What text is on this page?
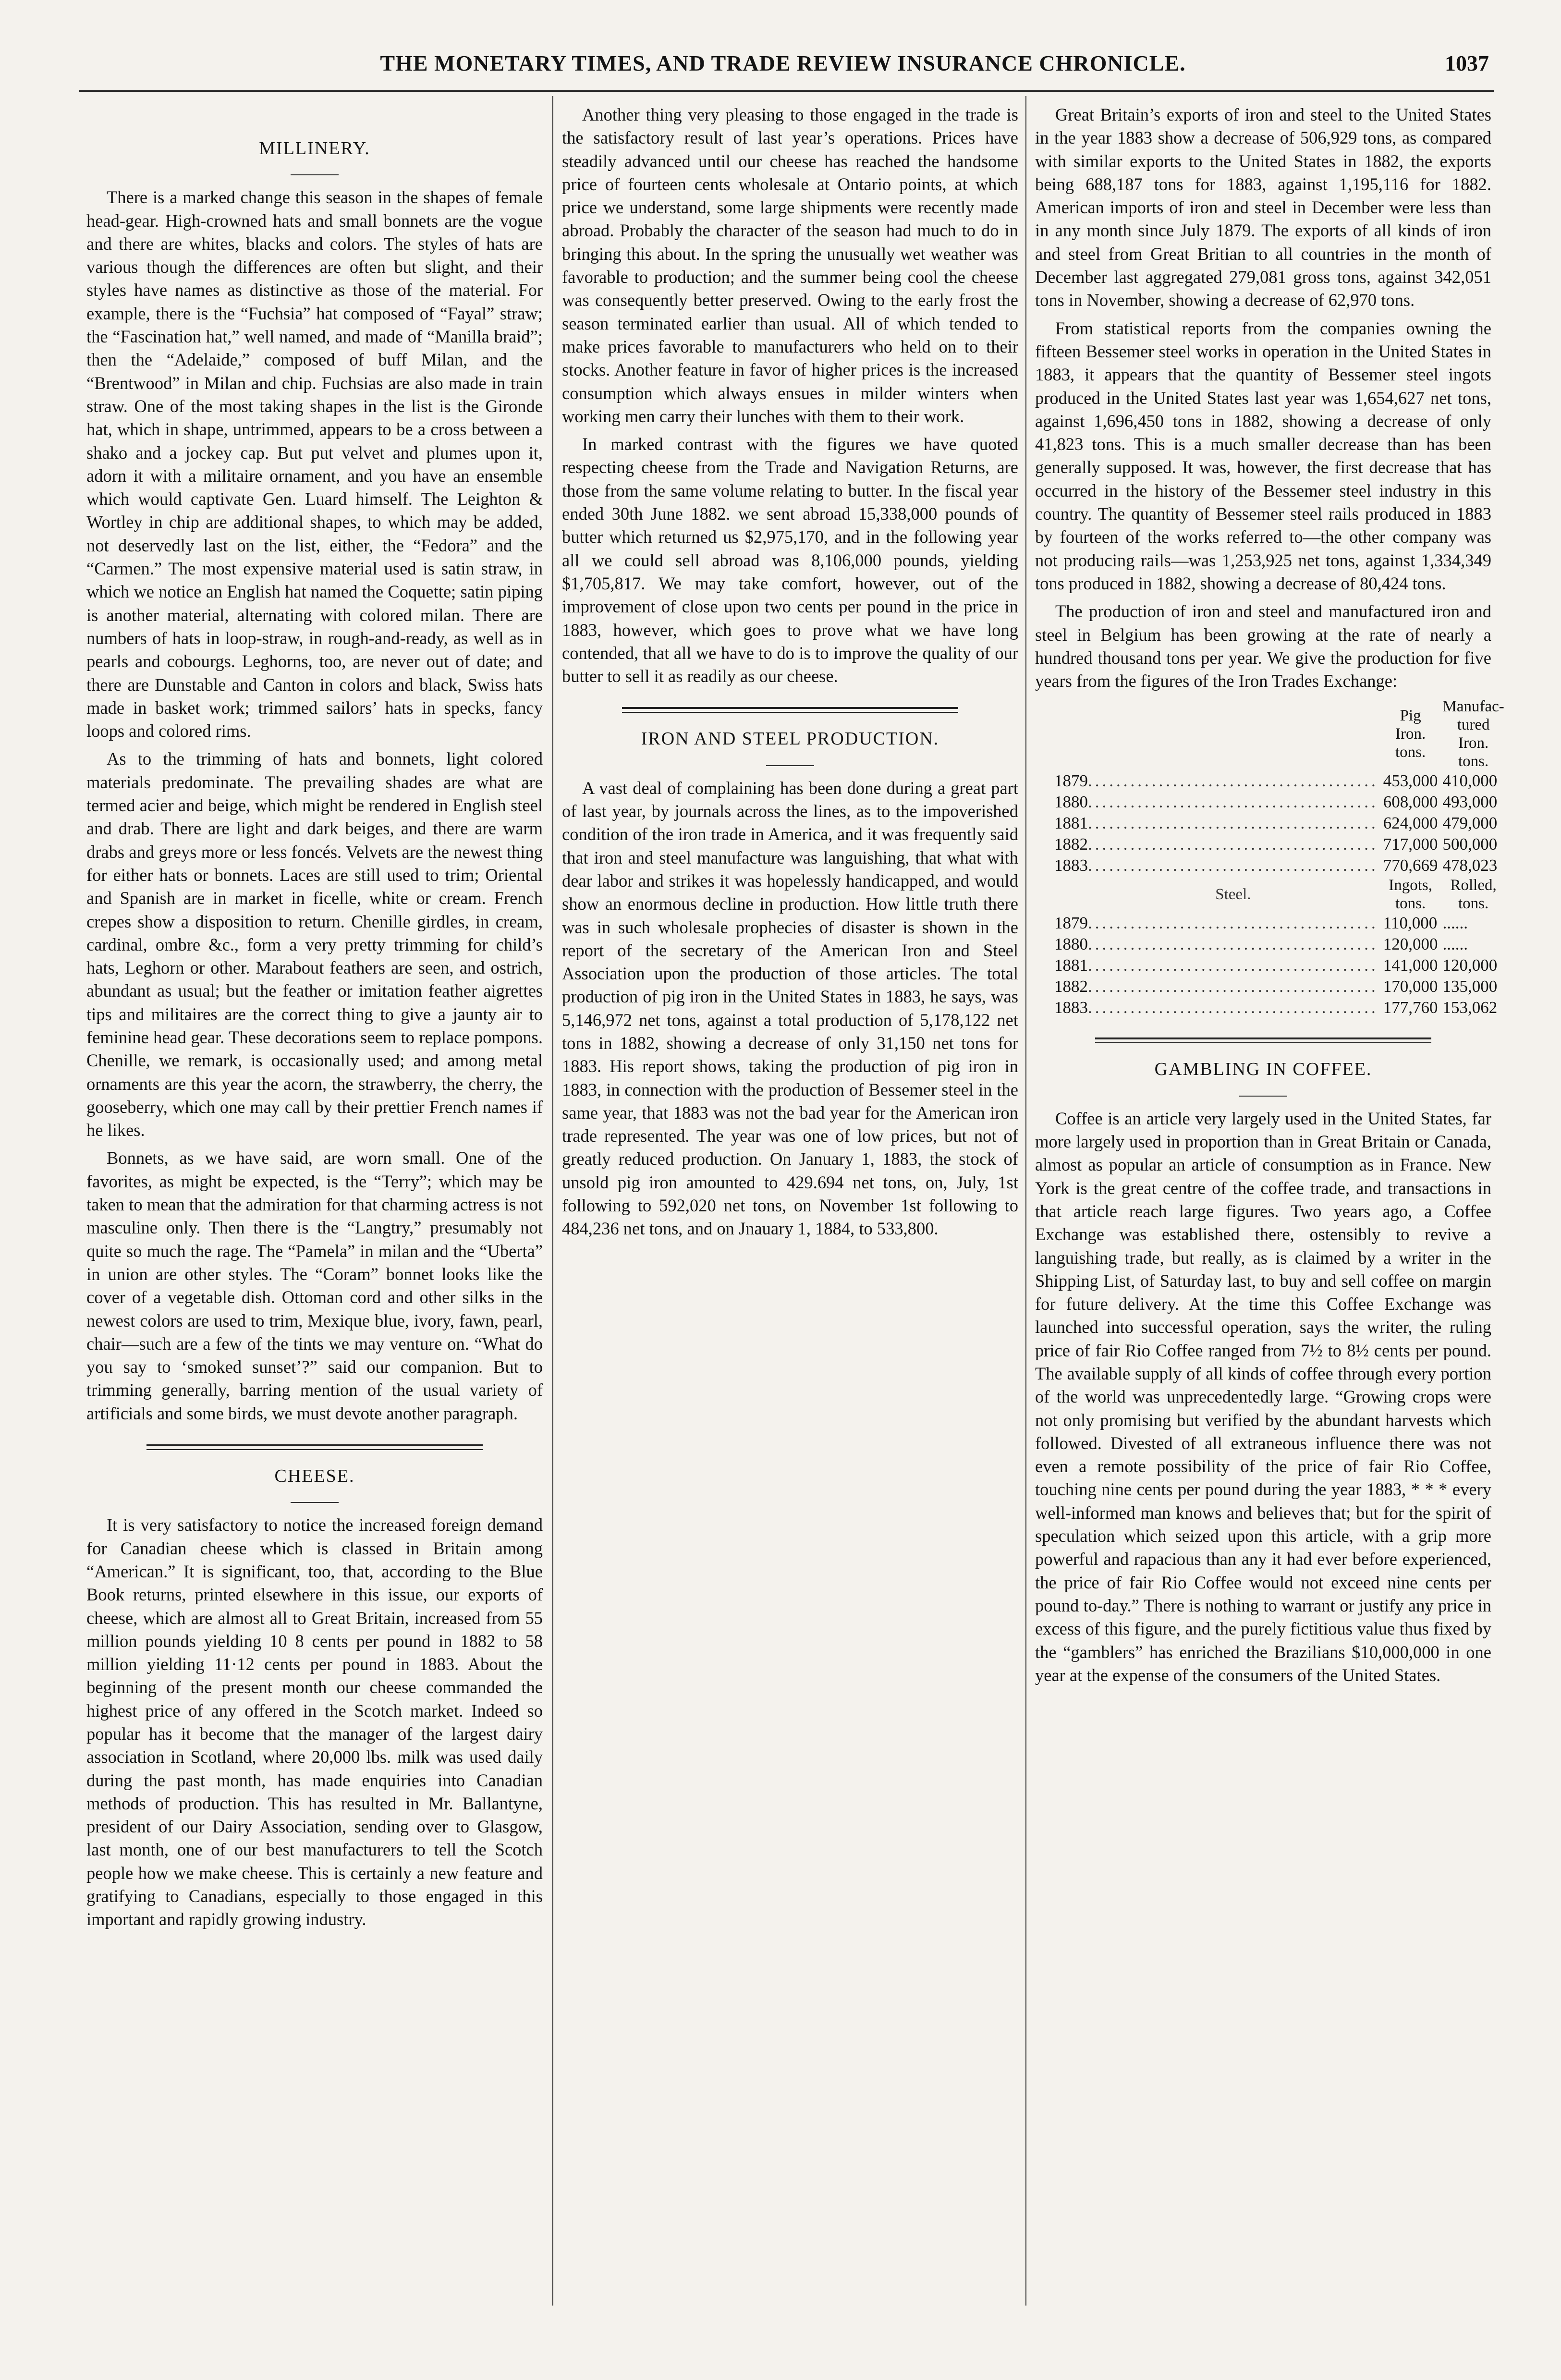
THE MONETARY TIMES, AND TRADE REVIEW INSURANCE CHRONICLE.	1037
MILLINERY.

There is a marked change this season in the shapes of female head-gear. High-crowned hats and small bonnets are the vogue and there are whites, blacks and colors. The styles of hats are various though the differences are often but slight, and their styles have names as distinctive as those of the material. For example, there is the “Fuchsia” hat composed of “Fayal” straw; the “Fascination hat,” well named, and made of “Manilla braid”; then the “Adelaide,” composed of buff Milan, and the “Brentwood” in Milan and chip. Fuchsias are also made in train straw. One of the most taking shapes in the list is the Gironde hat, which in shape, untrimmed, appears to be a cross between a shako and a jockey cap. But put velvet and plumes upon it, adorn it with a militaire ornament, and you have an ensemble which would captivate Gen. Luard himself. The Leighton & Wortley in chip are additional shapes, to which may be added, not deservedly last on the list, either, the “Fedora” and the “Carmen.” The most expensive material used is satin straw, in which we notice an English hat named the Coquette; satin piping is another material, alternating with colored milan. There are numbers of hats in loop-straw, in rough-and-ready, as well as in pearls and cobourgs. Leghorns, too, are never out of date; and there are Dunstable and Canton in colors and black, Swiss hats made in basket work; trimmed sailors’ hats in specks, fancy loops and colored rims.

As to the trimming of hats and bonnets, light colored materials predominate. The prevailing shades are what are termed acier and beige, which might be rendered in English steel and drab. There are light and dark beiges, and there are warm drabs and greys more or less foncés. Velvets are the newest thing for either hats or bonnets. Laces are still used to trim; Oriental and Spanish are in market in ficelle, white or cream. French crepes show a disposition to return. Chenille girdles, in cream, cardinal, ombre &c., form a very pretty trimming for child’s hats, Leghorn or other. Marabout feathers are seen, and ostrich, abundant as usual; but the feather or imitation feather aigrettes tips and militaires are the correct thing to give a jaunty air to feminine head gear. These decorations seem to replace pompons. Chenille, we remark, is occasionally used; and among metal ornaments are this year the acorn, the strawberry, the cherry, the gooseberry, which one may call by their prettier French names if he likes.

Bonnets, as we have said, are worn small. One of the favorites, as might be expected, is the “Terry”; which may be taken to mean that the admiration for that charming actress is not masculine only. Then there is the “Langtry,” presumably not quite so much the rage. The “Pamela” in milan and the “Uberta” in union are other styles. The “Coram” bonnet looks like the cover of a vegetable dish. Ottoman cord and other silks in the newest colors are used to trim, Mexique blue, ivory, fawn, pearl, chair—such are a few of the tints we may venture on. “What do you say to ‘smoked sunset’?” said our companion. But to trimming generally, barring mention of the usual variety of artificials and some birds, we must devote another paragraph.

CHEESE.

It is very satisfactory to notice the increased foreign demand for Canadian cheese which is classed in Britain among “American.” It is significant, too, that, according to the Blue Book returns, printed elsewhere in this issue, our exports of cheese, which are almost all to Great Britain, increased from 55 million pounds yielding 10 8 cents per pound in 1882 to 58 million yielding 11·12 cents per pound in 1883. About the beginning of the present month our cheese commanded the highest price of any offered in the Scotch market. Indeed so popular has it become that the manager of the largest dairy association in Scotland, where 20,000 lbs. milk was used daily during the past month, has made enquiries into Canadian methods of production. This has resulted in Mr. Ballantyne, president of our Dairy Association, sending over to Glasgow, last month, one of our best manufacturers to tell the Scotch people how we make cheese. This is certainly a new feature and gratifying to Canadians, especially to those engaged in this important and rapidly growing industry.

Another thing very pleasing to those engaged in the trade is the satisfactory result of last year’s operations. Prices have steadily advanced until our cheese has reached the handsome price of fourteen cents wholesale at Ontario points, at which price we understand, some large shipments were recently made abroad. Probably the character of the season had much to do in bringing this about. In the spring the unusually wet weather was favorable to production; and the summer being cool the cheese was consequently better preserved. Owing to the early frost the season terminated earlier than usual. All of which tended to make prices favorable to manufacturers who held on to their stocks. Another feature in favor of higher prices is the increased consumption which always ensues in milder winters when working men carry their lunches with them to their work.

In marked contrast with the figures we have quoted respecting cheese from the Trade and Navigation Returns, are those from the same volume relating to butter. In the fiscal year ended 30th June 1882. we sent abroad 15,338,000 pounds of butter which returned us $2,975,170, and in the following year all we could sell abroad was 8,106,000 pounds, yielding $1,705,817. We may take comfort, however, out of the improvement of close upon two cents per pound in the price in 1883, however, which goes to prove what we have long contended, that all we have to do is to improve the quality of our butter to sell it as readily as our cheese.

IRON AND STEEL PRODUCTION.

A vast deal of complaining has been done during a great part of last year, by journals across the lines, as to the impoverished condition of the iron trade in America, and it was frequently said that iron and steel manufacture was languishing, that what with dear labor and strikes it was hopelessly handicapped, and would show an enormous decline in production. How little truth there was in such wholesale prophecies of disaster is shown in the report of the secretary of the American Iron and Steel Association upon the production of those articles. The total production of pig iron in the United States in 1883, he says, was 5,146,972 net tons, against a total production of 5,178,122 net tons in 1882, showing a decrease of only 31,150 net tons for 1883. His report shows, taking the production of pig iron in 1883, in connection with the production of Bessemer steel in the same year, that 1883 was not the bad year for the American iron trade represented. The year was one of low prices, but not of greatly reduced production. On January 1, 1883, the stock of unsold pig iron amounted to 429.694 net tons, on, July, 1st following to 592,020 net tons, on November 1st following to 484,236 net tons, and on Jnauary 1, 1884, to 533,800.

Great Britain’s exports of iron and steel to the United States in the year 1883 show a decrease of 506,929 tons, as compared with similar exports to the United States in 1882, the exports being 688,187 tons for 1883, against 1,195,116 for 1882. American imports of iron and steel in December were less than in any month since July 1879. The exports of all kinds of iron and steel from Great Britian to all countries in the month of December last aggregated 279,081 gross tons, against 342,051 tons in November, showing a decrease of 62,970 tons.

From statistical reports from the companies owning the fifteen Bessemer steel works in operation in the United States in 1883, it appears that the quantity of Bessemer steel ingots produced in the United States last year was 1,654,627 net tons, against 1,696,450 tons in 1882, showing a decrease of only 41,823 tons. This is a much smaller decrease than has been generally supposed. It was, however, the first decrease that has occurred in the history of the Bessemer steel industry in this country. The quantity of Bessemer steel rails produced in 1883 by fourteen of the works referred to—the other company was not producing rails—was 1,253,925 net tons, against 1,334,349 tons produced in 1882, showing a decrease of 80,424 tons.

The production of iron and steel and manufactured iron and steel in Belgium has been growing at the rate of nearly a hundred thousand tons per year. We give the production for five years from the figures of the Iron Trades Exchange:

		Pig Iron. tons.	Manufac- tured Iron. tons.
1879	.........................................	453,000	410,000
1880	.........................................	608,000	493,000
1881	.........................................	624,000	479,000
1882	.........................................	717,000	500,000
1883	.........................................	770,669	478,023
	Steel.	Ingots, tons.	Rolled, tons.
1879	.........................................	110,000	......
1880	.........................................	120,000	......
1881	.........................................	141,000	120,000
1882	.........................................	170,000	135,000
1883	.........................................	177,760	153,062
GAMBLING IN COFFEE.

Coffee is an article very largely used in the United States, far more largely used in proportion than in Great Britain or Canada, almost as popular an article of consumption as in France. New York is the great centre of the coffee trade, and transactions in that article reach large figures. Two years ago, a Coffee Exchange was established there, ostensibly to revive a languishing trade, but really, as is claimed by a writer in the Shipping List, of Saturday last, to buy and sell coffee on margin for future delivery. At the time this Coffee Exchange was launched into successful operation, says the writer, the ruling price of fair Rio Coffee ranged from 7½ to 8½ cents per pound. The available supply of all kinds of coffee through every portion of the world was unprecedentedly large. “Growing crops were not only promising but verified by the abundant harvests which followed. Divested of all extraneous influence there was not even a remote possibility of the price of fair Rio Coffee, touching nine cents per pound during the year 1883, * * * every well-informed man knows and believes that; but for the spirit of speculation which seized upon this article, with a grip more powerful and rapacious than any it had ever before experienced, the price of fair Rio Coffee would not exceed nine cents per pound to-day.” There is nothing to warrant or justify any price in excess of this figure, and the purely fictitious value thus fixed by the “gamblers” has enriched the Brazilians $10,000,000 in one year at the expense of the consumers of the United States.
